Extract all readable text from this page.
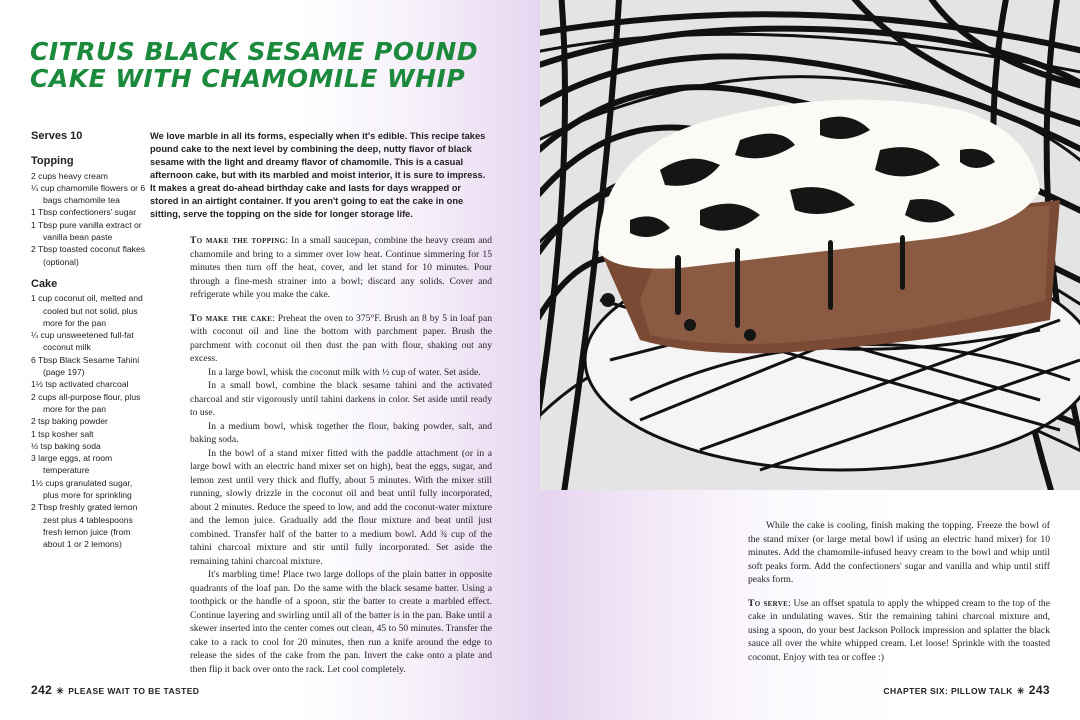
CITRUS BLACK SESAME POUND
CAKE WITH CHAMOMILE WHIP
Serves 10
Topping
2 cups heavy cream
¼ cup chamomile flowers or 6 bags chamomile tea
1 Tbsp confectioners' sugar
1 Tbsp pure vanilla extract or vanilla bean paste
2 Tbsp toasted coconut flakes (optional)
Cake
1 cup coconut oil, melted and cooled but not solid, plus more for the pan
¼ cup unsweetened full-fat coconut milk
6 Tbsp Black Sesame Tahini (page 197)
1½ tsp activated charcoal
2 cups all-purpose flour, plus more for the pan
2 tsp baking powder
1 tsp kosher salt
½ tsp baking soda
3 large eggs, at room temperature
1½ cups granulated sugar, plus more for sprinkling
2 Tbsp freshly grated lemon zest plus 4 tablespoons fresh lemon juice (from about 1 or 2 lemons)

We love marble in all its forms, especially when it's edible. This recipe takes pound cake to the next level by combining the deep, nutty flavor of black sesame with the light and dreamy flavor of chamomile. This is a casual afternoon cake, but with its marbled and moist interior, it is sure to impress. It makes a great do-ahead birthday cake and lasts for days wrapped or stored in an airtight container. If you aren't going to eat the cake in one sitting, serve the topping on the side for longer storage life.

To make the topping: In a small saucepan, combine the heavy cream and chamomile and bring to a simmer over low heat. Continue simmering for 15 minutes then turn off the heat, cover, and let stand for 10 minutes. Pour through a fine-mesh strainer into a bowl; discard any solids. Cover and refrigerate while you make the cake.

To make the cake: Preheat the oven to 375°F. Brush an 8 by 5 in loaf pan with coconut oil and line the bottom with parchment paper. Brush the parchment with coconut oil then dust the pan with flour, shaking out any excess.

In a large bowl, whisk the coconut milk with ½ cup of water. Set aside.

In a small bowl, combine the black sesame tahini and the activated charcoal and stir vigorously until tahini darkens in color. Set aside until ready to use.

In a medium bowl, whisk together the flour, baking powder, salt, and baking soda.

In the bowl of a stand mixer fitted with the paddle attachment (or in a large bowl with an electric hand mixer set on high), beat the eggs, sugar, and lemon zest until very thick and fluffy, about 5 minutes. With the mixer still running, slowly drizzle in the coconut oil and beat until fully incorporated, about 2 minutes. Reduce the speed to low, and add the coconut-water mixture and the lemon juice. Gradually add the flour mixture and beat until just combined. Transfer half of the batter to a medium bowl. Add ¾ cup of the tahini charcoal mixture and stir until fully incorporated. Set aside the remaining tahini charcoal mixture.

It's marbling time! Place two large dollops of the plain batter in opposite quadrants of the loaf pan. Do the same with the black sesame batter. Using a toothpick or the handle of a spoon, stir the batter to create a marbled effect. Continue layering and swirling until all of the batter is in the pan. Bake until a skewer inserted into the center comes out clean, 45 to 50 minutes. Transfer the cake to a rack to cool for 20 minutes, then run a knife around the edge to release the sides of the cake from the pan. Invert the cake onto a plate and then flip it back over onto the rack. Let cool completely.

While the cake is cooling, finish making the topping. Freeze the bowl of the stand mixer (or large metal bowl if using an electric hand mixer) for 10 minutes. Add the chamomile-infused heavy cream to the bowl and whip until soft peaks form. Add the confectioners' sugar and vanilla and whip until stiff peaks form.

To serve: Use an offset spatula to apply the whipped cream to the top of the cake in undulating waves. Stir the remaining tahini charcoal mixture and, using a spoon, do your best Jackson Pollock impression and splatter the black sauce all over the white whipped cream. Let loose! Sprinkle with the toasted coconut. Enjoy with tea or coffee :)

242 ✳ PLEASE WAIT TO BE TASTED	CHAPTER SIX: PILLOW TALK ✳ 243
